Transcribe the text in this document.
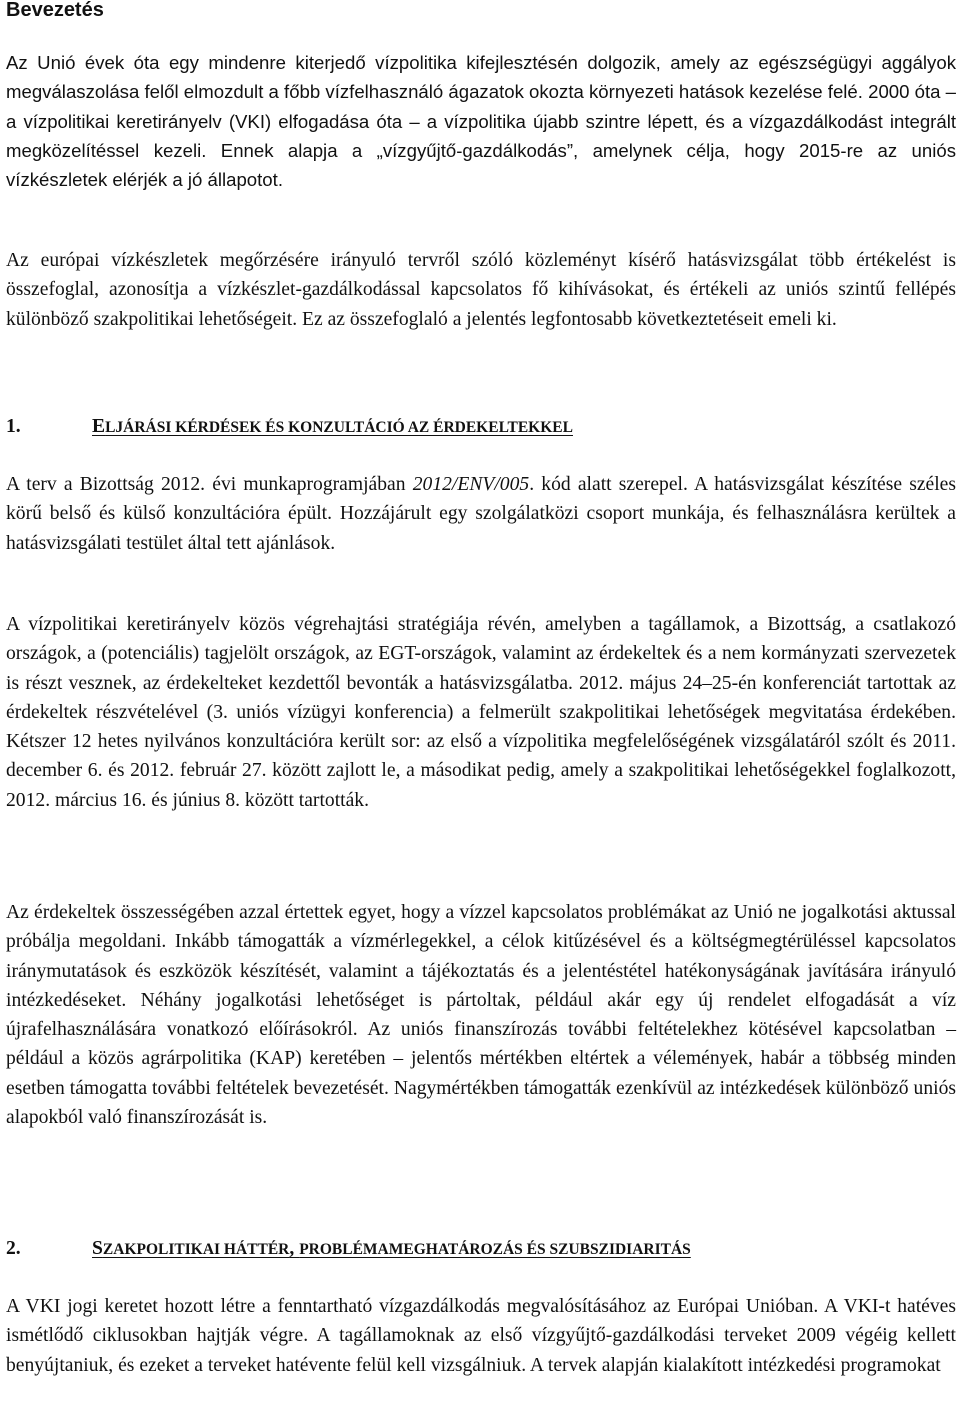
Bevezetés

Az Unió évek óta egy mindenre kiterjedő vízpolitika kifejlesztésén dolgozik, amely az egészségügyi aggályok megválaszolása felől elmozdult a főbb vízfelhasználó ágazatok okozta környezeti hatások kezelése felé. 2000 óta – a vízpolitikai keretirányelv (VKI) elfogadása óta – a vízpolitika újabb szintre lépett, és a vízgazdálkodást integrált megközelítéssel kezeli. Ennek alapja a „vízgyűjtő-gazdálkodás”, amelynek célja, hogy 2015-re az uniós vízkészletek elérjék a jó állapotot.

Az európai vízkészletek megőrzésére irányuló tervről szóló közleményt kísérő hatásvizsgálat több értékelést is összefoglal, azonosítja a vízkészlet-gazdálkodással kapcsolatos fő kihívásokat, és értékeli az uniós szintű fellépés különböző szakpolitikai lehetőségeit. Ez az összefoglaló a jelentés legfontosabb következtetéseit emeli ki.

1.	ELJÁRÁSI KÉRDÉSEK ÉS KONZULTÁCIÓ AZ ÉRDEKELTEKKEL

A terv a Bizottság 2012. évi munkaprogramjában 2012/ENV/005. kód alatt szerepel. A hatásvizsgálat készítése széles körű belső és külső konzultációra épült. Hozzájárult egy szolgálatközi csoport munkája, és felhasználásra kerültek a hatásvizsgálati testület által tett ajánlások.

A vízpolitikai keretirányelv közös végrehajtási stratégiája révén, amelyben a tagállamok, a Bizottság, a csatlakozó országok, a (potenciális) tagjelölt országok, az EGT-országok, valamint az érdekeltek és a nem kormányzati szervezetek is részt vesznek, az érdekelteket kezdettől bevonták a hatásvizsgálatba. 2012. május 24–25-én konferenciát tartottak az érdekeltek részvételével (3. uniós vízügyi konferencia) a felmerült szakpolitikai lehetőségek megvitatása érdekében. Kétszer 12 hetes nyilvános konzultációra került sor: az első a vízpolitika megfelelőségének vizsgálatáról szólt és 2011. december 6. és 2012. február 27. között zajlott le, a másodikat pedig, amely a szakpolitikai lehetőségekkel foglalkozott, 2012. március 16. és június 8. között tartották.

Az érdekeltek összességében azzal értettek egyet, hogy a vízzel kapcsolatos problémákat az Unió ne jogalkotási aktussal próbálja megoldani. Inkább támogatták a vízmérlegekkel, a célok kitűzésével és a költségmegtérüléssel kapcsolatos iránymutatások és eszközök készítését, valamint a tájékoztatás és a jelentéstétel hatékonyságának javítására irányuló intézkedéseket. Néhány jogalkotási lehetőséget is pártoltak, például akár egy új rendelet elfogadását a víz újrafelhasználására vonatkozó előírásokról. Az uniós finanszírozás további feltételekhez kötésével kapcsolatban – például a közös agrárpolitika (KAP) keretében – jelentős mértékben eltértek a vélemények, habár a többség minden esetben támogatta további feltételek bevezetését. Nagymértékben támogatták ezenkívül az intézkedések különböző uniós alapokból való finanszírozását is.

2.	SZAKPOLITIKAI HÁTTÉR, PROBLÉMAMEGHATÁROZÁS ÉS SZUBSZIDIARITÁS

A VKI jogi keretet hozott létre a fenntartható vízgazdálkodás megvalósításához az Európai Unióban. A VKI-t hatéves ismétlődő ciklusokban hajtják végre. A tagállamoknak az első vízgyűjtő-gazdálkodási terveket 2009 végéig kellett benyújtaniuk, és ezeket a terveket hatévente felül kell vizsgálniuk. A tervek alapján kialakított intézkedési programokat
